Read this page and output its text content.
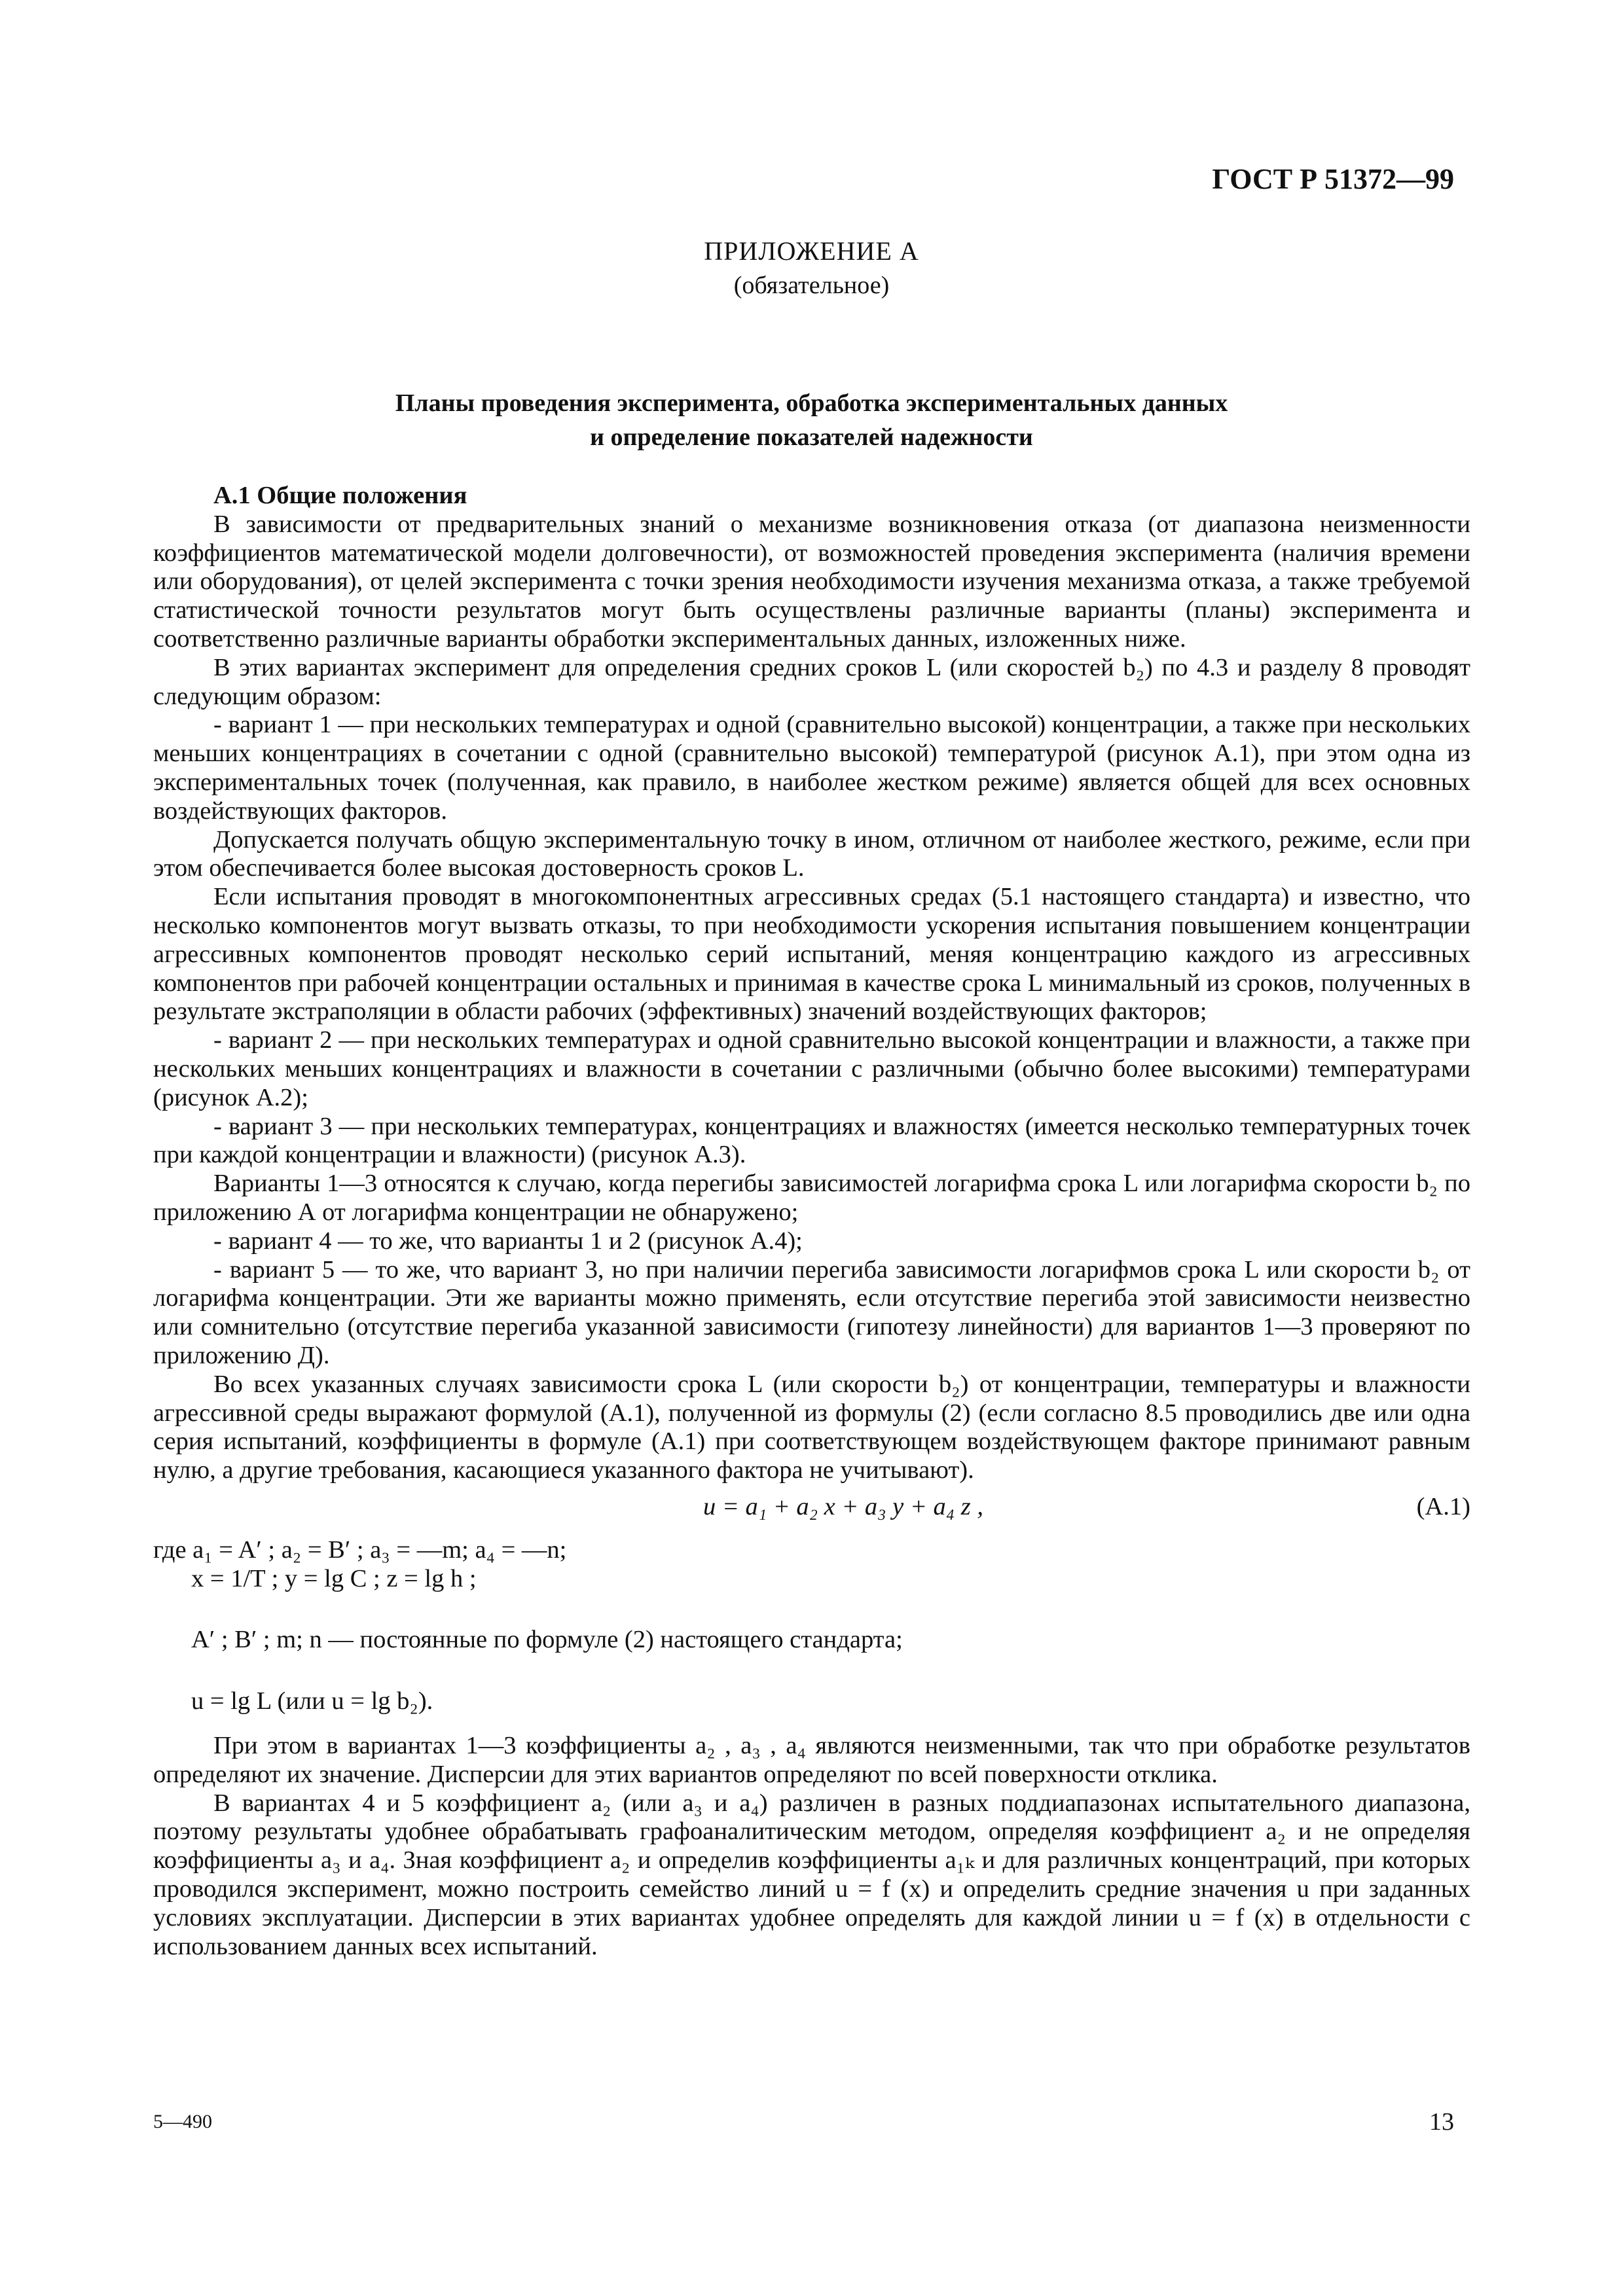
ГОСТ Р 51372—99
ПРИЛОЖЕНИЕ А
(обязательное)
Планы проведения эксперимента, обработка экспериментальных данных
и определение показателей надежности

А.1 Общие положения

В зависимости от предварительных знаний о механизме возникновения отказа (от диапазона неизменности коэффициентов математической модели долговечности), от возможностей проведения эксперимента (наличия времени или оборудования), от целей эксперимента с точки зрения необходимости изучения механизма отказа, а также требуемой статистической точности результатов могут быть осуществлены различные варианты (планы) эксперимента и соответственно различные варианты обработки экспериментальных данных, изложенных ниже.

В этих вариантах эксперимент для определения средних сроков L (или скоростей b₂) по 4.3 и разделу 8 проводят следующим образом:

- вариант 1 — при нескольких температурах и одной (сравнительно высокой) концентрации, а также при нескольких меньших концентрациях в сочетании с одной (сравнительно высокой) температурой (рисунок А.1), при этом одна из экспериментальных точек (полученная, как правило, в наиболее жестком режиме) является общей для всех основных воздействующих факторов.

Допускается получать общую экспериментальную точку в ином, отличном от наиболее жесткого, режиме, если при этом обеспечивается более высокая достоверность сроков L.

Если испытания проводят в многокомпонентных агрессивных средах (5.1 настоящего стандарта) и известно, что несколько компонентов могут вызвать отказы, то при необходимости ускорения испытания повышением концентрации агрессивных компонентов проводят несколько серий испытаний, меняя концентрацию каждого из агрессивных компонентов при рабочей концентрации остальных и принимая в качестве срока L минимальный из сроков, полученных в результате экстраполяции в области рабочих (эффективных) значений воздействующих факторов;

- вариант 2 — при нескольких температурах и одной сравнительно высокой концентрации и влажности, а также при нескольких меньших концентрациях и влажности в сочетании с различными (обычно более высокими) температурами (рисунок А.2);

- вариант 3 — при нескольких температурах, концентрациях и влажностях (имеется несколько температурных точек при каждой концентрации и влажности) (рисунок А.3).

Варианты 1—3 относятся к случаю, когда перегибы зависимостей логарифма срока L или логарифма скорости b₂ по приложению А от логарифма концентрации не обнаружено;

- вариант 4 — то же, что варианты 1 и 2 (рисунок А.4);

- вариант 5 — то же, что вариант 3, но при наличии перегиба зависимости логарифмов срока L или скорости b₂ от логарифма концентрации. Эти же варианты можно применять, если отсутствие перегиба этой зависимости неизвестно или сомнительно (отсутствие перегиба указанной зависимости (гипотезу линейности) для вариантов 1—3 проверяют по приложению Д).

Во всех указанных случаях зависимости срока L (или скорости b₂) от концентрации, температуры и влажности агрессивной среды выражают формулой (А.1), полученной из формулы (2) (если согласно 8.5 проводились две или одна серия испытаний, коэффициенты в формуле (А.1) при соответствующем воздействующем факторе принимают равным нулю, а другие требования, касающиеся указанного фактора не учитывают).

u = a₁ + a₂ x + a₃ y + a₄ z ,	(А.1)
где a₁ = A′ ; a₂ = B′ ; a₃ = —m; a₄ = —n;
x = 1/T ; y = lg C ; z = lg h ;
A′ ; B′ ; m; n — постоянные по формуле (2) настоящего стандарта;
u = lg L (или u = lg b₂).

При этом в вариантах 1—3 коэффициенты a₂ , a₃ , a₄ являются неизменными, так что при обработке результатов определяют их значение. Дисперсии для этих вариантов определяют по всей поверхности отклика.

В вариантах 4 и 5 коэффициент a₂ (или a₃ и a₄) различен в разных поддиапазонах испытательного диапазона, поэтому результаты удобнее обрабатывать графоаналитическим методом, определяя коэффициент a₂ и не определяя коэффициенты a₃ и a₄. Зная коэффициент a₂ и определив коэффициенты a₁ₖ и для различных концентраций, при которых проводился эксперимент, можно построить семейство линий u = f (x) и определить средние значения u при заданных условиях эксплуатации. Дисперсии в этих вариантах удобнее определять для каждой линии u = f (x) в отдельности с использованием данных всех испытаний.

5—490	13
